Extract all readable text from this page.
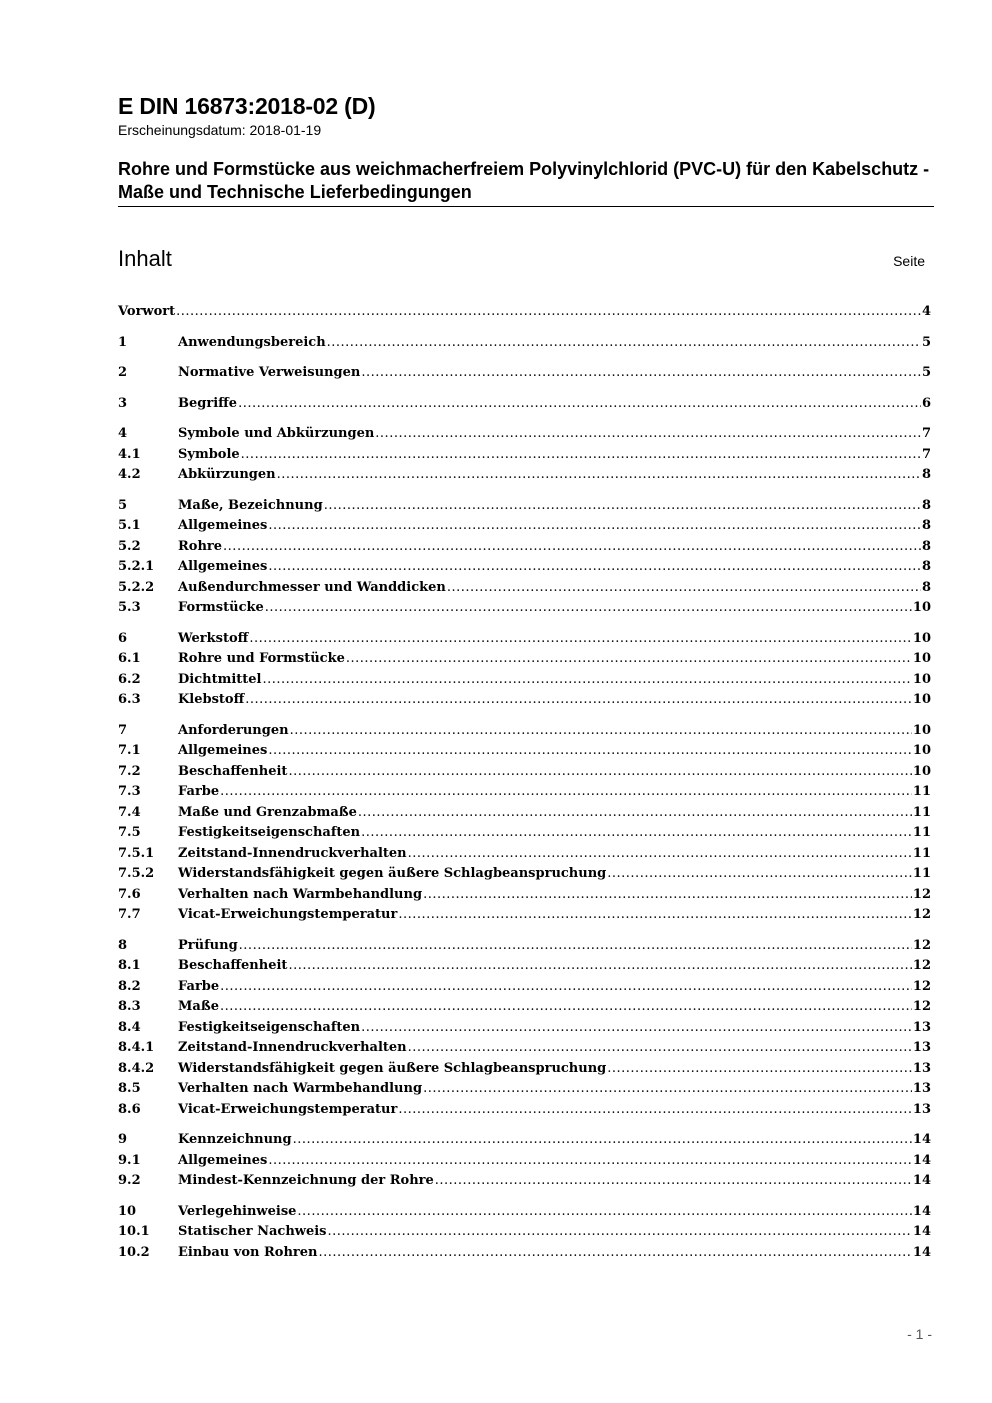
E DIN 16873:2018-02 (D)
Erscheinungsdatum: 2018-01-19
Rohre und Formstücke aus weichmacherfreiem Polyvinylchlorid (PVC-U) für den Kabelschutz - Maße und Technische Lieferbedingungen
Inhalt	Seite
Vorwort .....	4
1	Anwendungsbereich .....	5
2	Normative Verweisungen .....	5
3	Begriffe .....	6
4	Symbole und Abkürzungen .....	7
4.1	Symbole .....	7
4.2	Abkürzungen .....	8
5	Maße, Bezeichnung .....	8
5.1	Allgemeines .....	8
5.2	Rohre .....	8
5.2.1	Allgemeines .....	8
5.2.2	Außendurchmesser und Wanddicken .....	8
5.3	Formstücke .....	10
6	Werkstoff .....	10
6.1	Rohre und Formstücke .....	10
6.2	Dichtmittel .....	10
6.3	Klebstoff .....	10
7	Anforderungen .....	10
7.1	Allgemeines .....	10
7.2	Beschaffenheit .....	10
7.3	Farbe .....	11
7.4	Maße und Grenzabmaße .....	11
7.5	Festigkeitseigenschaften .....	11
7.5.1	Zeitstand-Innendruckverhalten .....	11
7.5.2	Widerstandsfähigkeit gegen äußere Schlagbeanspruchung .....	11
7.6	Verhalten nach Warmbehandlung .....	12
7.7	Vicat-Erweichungstemperatur .....	12
8	Prüfung .....	12
8.1	Beschaffenheit .....	12
8.2	Farbe .....	12
8.3	Maße .....	12
8.4	Festigkeitseigenschaften .....	13
8.4.1	Zeitstand-Innendruckverhalten .....	13
8.4.2	Widerstandsfähigkeit gegen äußere Schlagbeanspruchung .....	13
8.5	Verhalten nach Warmbehandlung .....	13
8.6	Vicat-Erweichungstemperatur .....	13
9	Kennzeichnung .....	14
9.1	Allgemeines .....	14
9.2	Mindest-Kennzeichnung der Rohre .....	14
10	Verlegehinweise .....	14
10.1	Statischer Nachweis .....	14
10.2	Einbau von Rohren .....	14
- 1 -
